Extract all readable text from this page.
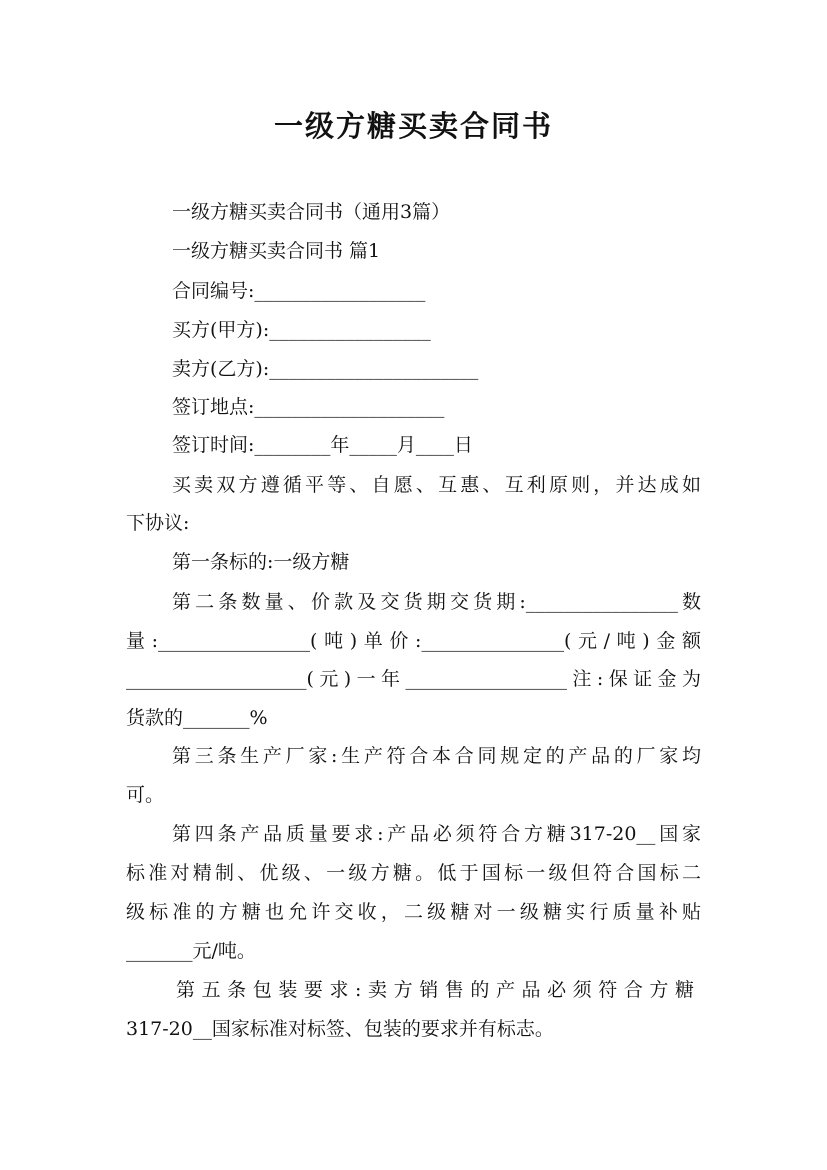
一级方糖买卖合同书
一级方糖买卖合同书（通用3篇）
一级方糖买卖合同书 篇1
合同编号:__________________
买方(甲方):_________________
卖方(乙方):______________________
签订地点:____________________
签订时间:________年_____月____日
买卖双方遵循平等、自愿、互惠、互利原则，并达成如
下协议:
第一条标的:一级方糖
第二条数量、价款及交货期交货期:________________数
量:________________(吨)单价:_______________(元/吨)金额
___________________(元)一年_________________注:保证金为
货款的_______%
第三条生产厂家:生产符合本合同规定的产品的厂家均
可。
第四条产品质量要求:产品必须符合方糖317-20__国家
标准对精制、优级、一级方糖。低于国标一级但符合国标二
级标准的方糖也允许交收，二级糖对一级糖实行质量补贴
_______元/吨。
第五条包装要求:卖方销售的产品必须符合方糖
317-20__国家标准对标签、包装的要求并有标志。
